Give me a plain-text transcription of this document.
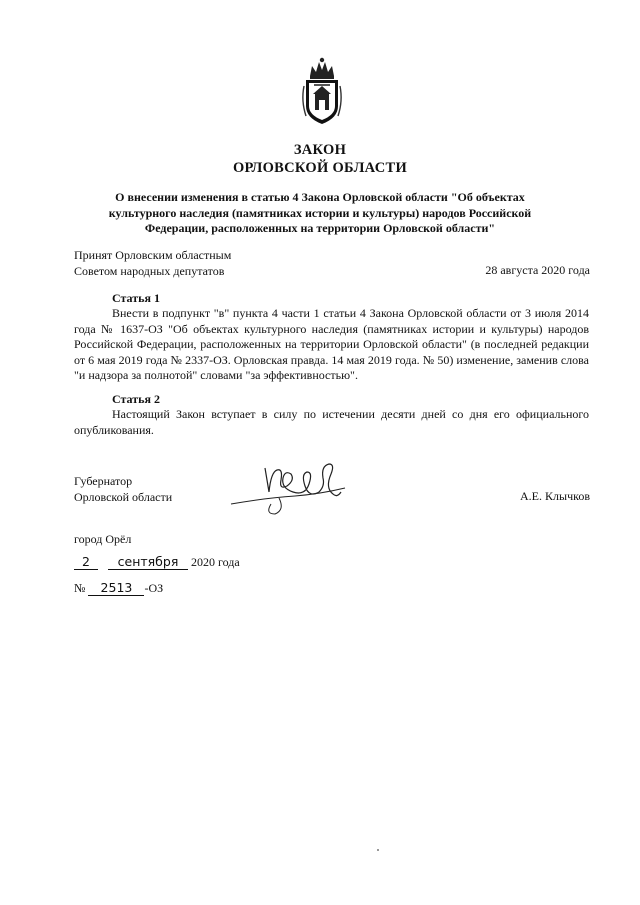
ЗАКОН
ОРЛОВСКОЙ ОБЛАСТИ
О внесении изменения в статью 4 Закона Орловской области "Об объектах
культурного наследия (памятниках истории и культуры) народов Российской
Федерации, расположенных на территории Орловской области"
Принят Орловским областным
Советом народных депутатов	28 августа 2020 года
Статья 1

Внести в подпункт "в" пункта 4 части 1 статьи 4 Закона Орловской области от 3 июля 2014 года № 1637-ОЗ "Об объектах культурного наследия (памятниках истории и культуры) народов Российской Федерации, расположенных на территории Орловской области" (в последней редакции от 6 мая 2019 года № 2337-ОЗ. Орловская правда. 14 мая 2019 года. № 50) изменение, заменив слова "и надзора за полнотой" словами "за эффективностью".

Статья 2

Настоящий Закон вступает в силу по истечении десяти дней со дня его официального опубликования.

Губернатор
Орловской области	А.Е. Клычков
город Орёл
2 сентября 2020 года
№ 2513 -ОЗ
